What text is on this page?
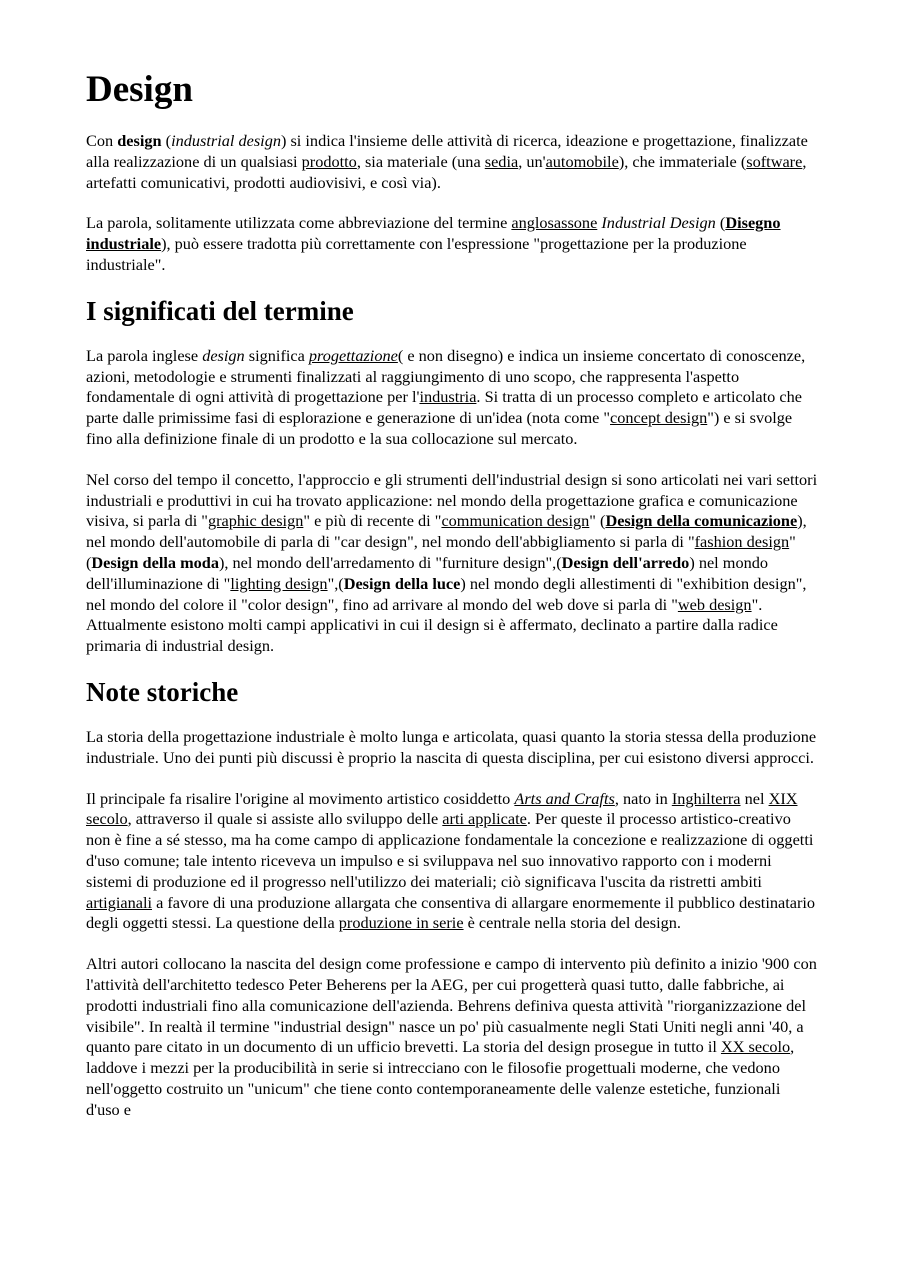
Design

Con design (industrial design) si indica l'insieme delle attività di ricerca, ideazione e progettazione, finalizzate alla realizzazione di un qualsiasi prodotto, sia materiale (una sedia, un'automobile), che immateriale (software, artefatti comunicativi, prodotti audiovisivi, e così via).

La parola, solitamente utilizzata come abbreviazione del termine anglosassone Industrial Design (Disegno industriale), può essere tradotta più correttamente con l'espressione "progettazione per la produzione industriale".

I significati del termine

La parola inglese design significa progettazione( e non disegno) e indica un insieme concertato di conoscenze, azioni, metodologie e strumenti finalizzati al raggiungimento di uno scopo, che rappresenta l'aspetto fondamentale di ogni attività di progettazione per l'industria. Si tratta di un processo completo e articolato che parte dalle primissime fasi di esplorazione e generazione di un'idea (nota come "concept design") e si svolge fino alla definizione finale di un prodotto e la sua collocazione sul mercato.

Nel corso del tempo il concetto, l'approccio e gli strumenti dell'industrial design si sono articolati nei vari settori industriali e produttivi in cui ha trovato applicazione: nel mondo della progettazione grafica e comunicazione visiva, si parla di "graphic design" e più di recente di "communication design" (Design della comunicazione), nel mondo dell'automobile di parla di "car design", nel mondo dell'abbigliamento si parla di "fashion design" (Design della moda), nel mondo dell'arredamento di "furniture design",(Design dell'arredo) nel mondo dell'illuminazione di "lighting design",(Design della luce) nel mondo degli allestimenti di "exhibition design", nel mondo del colore il "color design", fino ad arrivare al mondo del web dove si parla di "web design". Attualmente esistono molti campi applicativi in cui il design si è affermato, declinato a partire dalla radice primaria di industrial design.

Note storiche

La storia della progettazione industriale è molto lunga e articolata, quasi quanto la storia stessa della produzione industriale. Uno dei punti più discussi è proprio la nascita di questa disciplina, per cui esistono diversi approcci.

Il principale fa risalire l'origine al movimento artistico cosiddetto Arts and Crafts, nato in Inghilterra nel XIX secolo, attraverso il quale si assiste allo sviluppo delle arti applicate. Per queste il processo artistico-creativo non è fine a sé stesso, ma ha come campo di applicazione fondamentale la concezione e realizzazione di oggetti d'uso comune; tale intento riceveva un impulso e si sviluppava nel suo innovativo rapporto con i moderni sistemi di produzione ed il progresso nell'utilizzo dei materiali; ciò significava l'uscita da ristretti ambiti artigianali a favore di una produzione allargata che consentiva di allargare enormemente il pubblico destinatario degli oggetti stessi. La questione della produzione in serie è centrale nella storia del design.

Altri autori collocano la nascita del design come professione e campo di intervento più definito a inizio '900 con l'attività dell'architetto tedesco Peter Beherens per la AEG, per cui progetterà quasi tutto, dalle fabbriche, ai prodotti industriali fino alla comunicazione dell'azienda. Behrens definiva questa attività "riorganizzazione del visibile". In realtà il termine "industrial design" nasce un po' più casualmente negli Stati Uniti negli anni '40, a quanto pare citato in un documento di un ufficio brevetti. La storia del design prosegue in tutto il XX secolo, laddove i mezzi per la producibilità in serie si intrecciano con le filosofie progettuali moderne, che vedono nell'oggetto costruito un "unicum" che tiene conto contemporaneamente delle valenze estetiche, funzionali d'uso e
